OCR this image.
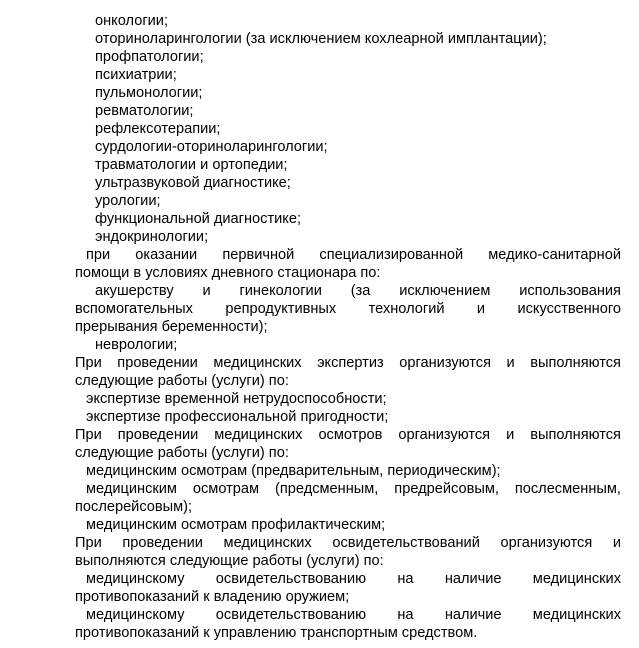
онкологии;

оториноларингологии (за исключением кохлеарной имплантации);

профпатологии;

психиатрии;

пульмонологии;

ревматологии;

рефлексотерапии;

сурдологии-оториноларингологии;

травматологии и ортопедии;

ультразвуковой диагностике;

урологии;

функциональной диагностике;

эндокринологии;

при оказании первичной специализированной медико-санитарной

помощи в условиях дневного стационара по:

акушерству и гинекологии (за исключением использования
вспомогательных репродуктивных технологий и искусственного

прерывания беременности);

неврологии;

При проведении медицинских экспертиз организуются и выполняются

следующие работы (услуги) по:

экспертизе временной нетрудоспособности;

экспертизе профессиональной пригодности;

При проведении медицинских осмотров организуются и выполняются

следующие работы (услуги) по:

медицинским осмотрам (предварительным, периодическим);

медицинским осмотрам (предсменным, предрейсовым, послесменным,

послерейсовым);

медицинским осмотрам профилактическим;

При проведении медицинских освидетельствований организуются и

выполняются следующие работы (услуги) по:

медицинскому освидетельствованию на наличие медицинских

противопоказаний к владению оружием;

медицинскому освидетельствованию на наличие медицинских

противопоказаний к управлению транспортным средством.
